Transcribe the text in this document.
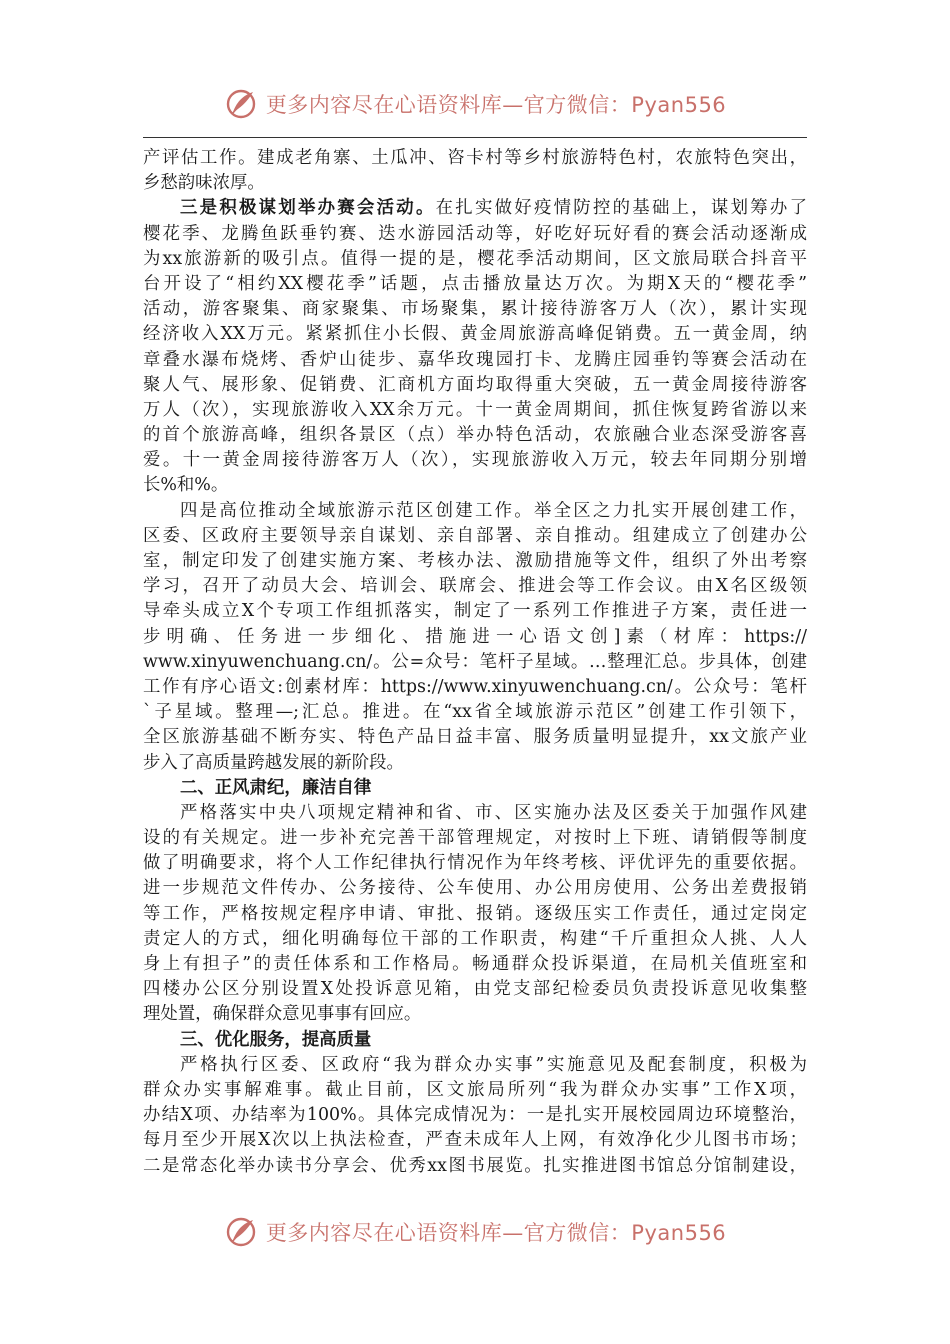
更多内容尽在心语资料库—官方微信：Pyan556
产评估工作。建成老角寨、土瓜冲、咨卡村等乡村旅游特色村，农旅特色突出，
乡愁韵味浓厚。
三是积极谋划举办赛会活动。在扎实做好疫情防控的基础上，谋划筹办了
樱花季、龙腾鱼跃垂钓赛、迭水游园活动等，好吃好玩好看的赛会活动逐渐成
为xx旅游新的吸引点。值得一提的是，樱花季活动期间，区文旅局联合抖音平
台开设了“相约XX樱花季”话题，点击播放量达万次。为期X天的“樱花季”
活动，游客聚集、商家聚集、市场聚集，累计接待游客万人（次），累计实现
经济收入XX万元。紧紧抓住小长假、黄金周旅游高峰促销费。五一黄金周，纳
章叠水瀑布烧烤、香炉山徒步、嘉华玫瑰园打卡、龙腾庄园垂钓等赛会活动在
聚人气、展形象、促销费、汇商机方面均取得重大突破，五一黄金周接待游客
万人（次），实现旅游收入XX余万元。十一黄金周期间，抓住恢复跨省游以来
的首个旅游高峰，组织各景区（点）举办特色活动，农旅融合业态深受游客喜
爱。十一黄金周接待游客万人（次），实现旅游收入万元，较去年同期分别增
长%和%。
四是高位推动全域旅游示范区创建工作。举全区之力扎实开展创建工作，
区委、区政府主要领导亲自谋划、亲自部署、亲自推动。组建成立了创建办公
室，制定印发了创建实施方案、考核办法、激励措施等文件，组织了外出考察
学习，召开了动员大会、培训会、联席会、推进会等工作会议。由X名区级领
导牵头成立X个专项工作组抓落实，制定了一系列工作推进子方案，责任进一
步明确、任务进一步细化、措施进一心语文创]素（材库：https://
www.xinyuwenchuang.cn/。公=众号：笔杆子星域。…整理汇总。步具体，创建
工作有序心语文:创素材库：https://www.xinyuwenchuang.cn/。公众号：笔杆
`子星域。整理—;汇总。推进。在“xx省全域旅游示范区”创建工作引领下，
全区旅游基础不断夯实、特色产品日益丰富、服务质量明显提升，xx文旅产业
步入了高质量跨越发展的新阶段。
二、正风肃纪，廉洁自律
严格落实中央八项规定精神和省、市、区实施办法及区委关于加强作风建
设的有关规定。进一步补充完善干部管理规定，对按时上下班、请销假等制度
做了明确要求，将个人工作纪律执行情况作为年终考核、评优评先的重要依据。
进一步规范文件传办、公务接待、公车使用、办公用房使用、公务出差费报销
等工作，严格按规定程序申请、审批、报销。逐级压实工作责任，通过定岗定
责定人的方式，细化明确每位干部的工作职责，构建“千斤重担众人挑、人人
身上有担子”的责任体系和工作格局。畅通群众投诉渠道，在局机关值班室和
四楼办公区分别设置X处投诉意见箱，由党支部纪检委员负责投诉意见收集整
理处置，确保群众意见事事有回应。
三、优化服务，提高质量
严格执行区委、区政府“我为群众办实事”实施意见及配套制度，积极为
群众办实事解难事。截止目前，区文旅局所列“我为群众办实事”工作X项，
办结X项、办结率为100%。具体完成情况为：一是扎实开展校园周边环境整治，
每月至少开展X次以上执法检查，严查未成年人上网，有效净化少儿图书市场；
二是常态化举办读书分享会、优秀xx图书展览。扎实推进图书馆总分馆制建设，
更多内容尽在心语资料库—官方微信：Pyan556
